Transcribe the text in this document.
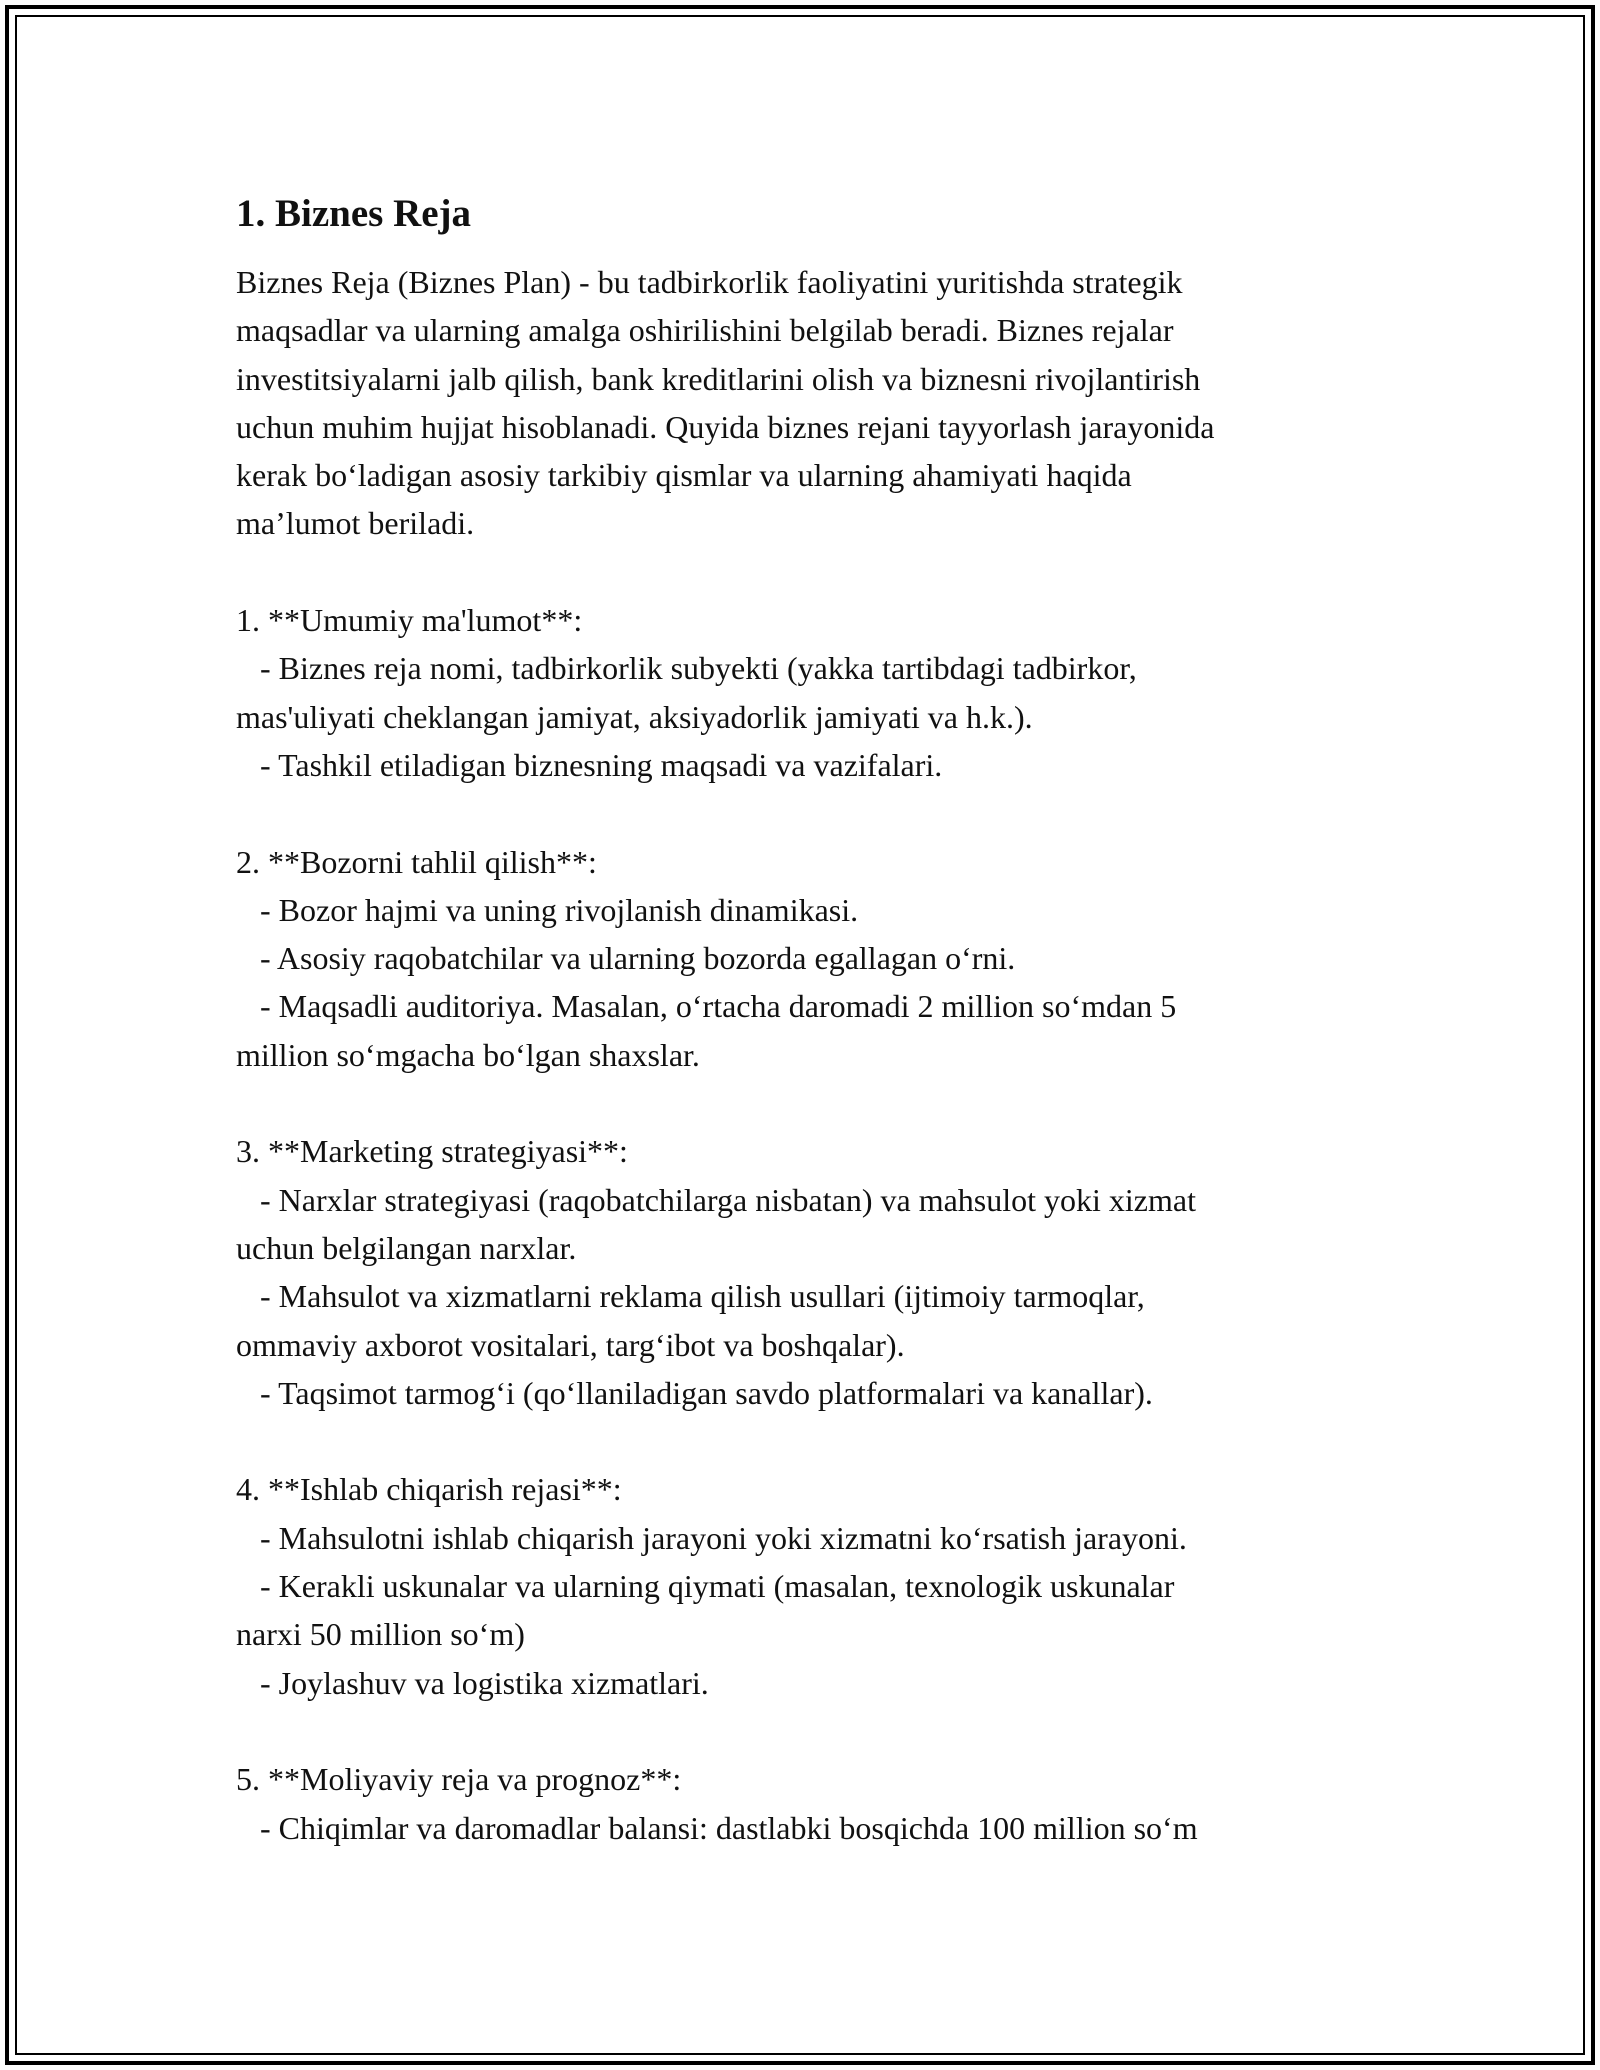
1. Biznes Reja

Biznes Reja (Biznes Plan) - bu tadbirkorlik faoliyatini yuritishda strategik
maqsadlar va ularning amalga oshirilishini belgilab beradi. Biznes rejalar
investitsiyalarni jalb qilish, bank kreditlarini olish va biznesni rivojlantirish
uchun muhim hujjat hisoblanadi. Quyida biznes rejani tayyorlash jarayonida
kerak bo‘ladigan asosiy tarkibiy qismlar va ularning ahamiyati haqida
ma’lumot beriladi.

1. **Umumiy ma'lumot**:
- Biznes reja nomi, tadbirkorlik subyekti (yakka tartibdagi tadbirkor,
mas'uliyati cheklangan jamiyat, aksiyadorlik jamiyati va h.k.).
- Tashkil etiladigan biznesning maqsadi va vazifalari.

2. **Bozorni tahlil qilish**:
- Bozor hajmi va uning rivojlanish dinamikasi.
- Asosiy raqobatchilar va ularning bozorda egallagan o‘rni.
- Maqsadli auditoriya. Masalan, o‘rtacha daromadi 2 million so‘mdan 5
million so‘mgacha bo‘lgan shaxslar.

3. **Marketing strategiyasi**:
- Narxlar strategiyasi (raqobatchilarga nisbatan) va mahsulot yoki xizmat
uchun belgilangan narxlar.
- Mahsulot va xizmatlarni reklama qilish usullari (ijtimoiy tarmoqlar,
ommaviy axborot vositalari, targ‘ibot va boshqalar).
- Taqsimot tarmog‘i (qo‘llaniladigan savdo platformalari va kanallar).

4. **Ishlab chiqarish rejasi**:
- Mahsulotni ishlab chiqarish jarayoni yoki xizmatni ko‘rsatish jarayoni.
- Kerakli uskunalar va ularning qiymati (masalan, texnologik uskunalar
narxi 50 million so‘m)
- Joylashuv va logistika xizmatlari.

5. **Moliyaviy reja va prognoz**:
- Chiqimlar va daromadlar balansi: dastlabki bosqichda 100 million so‘m
